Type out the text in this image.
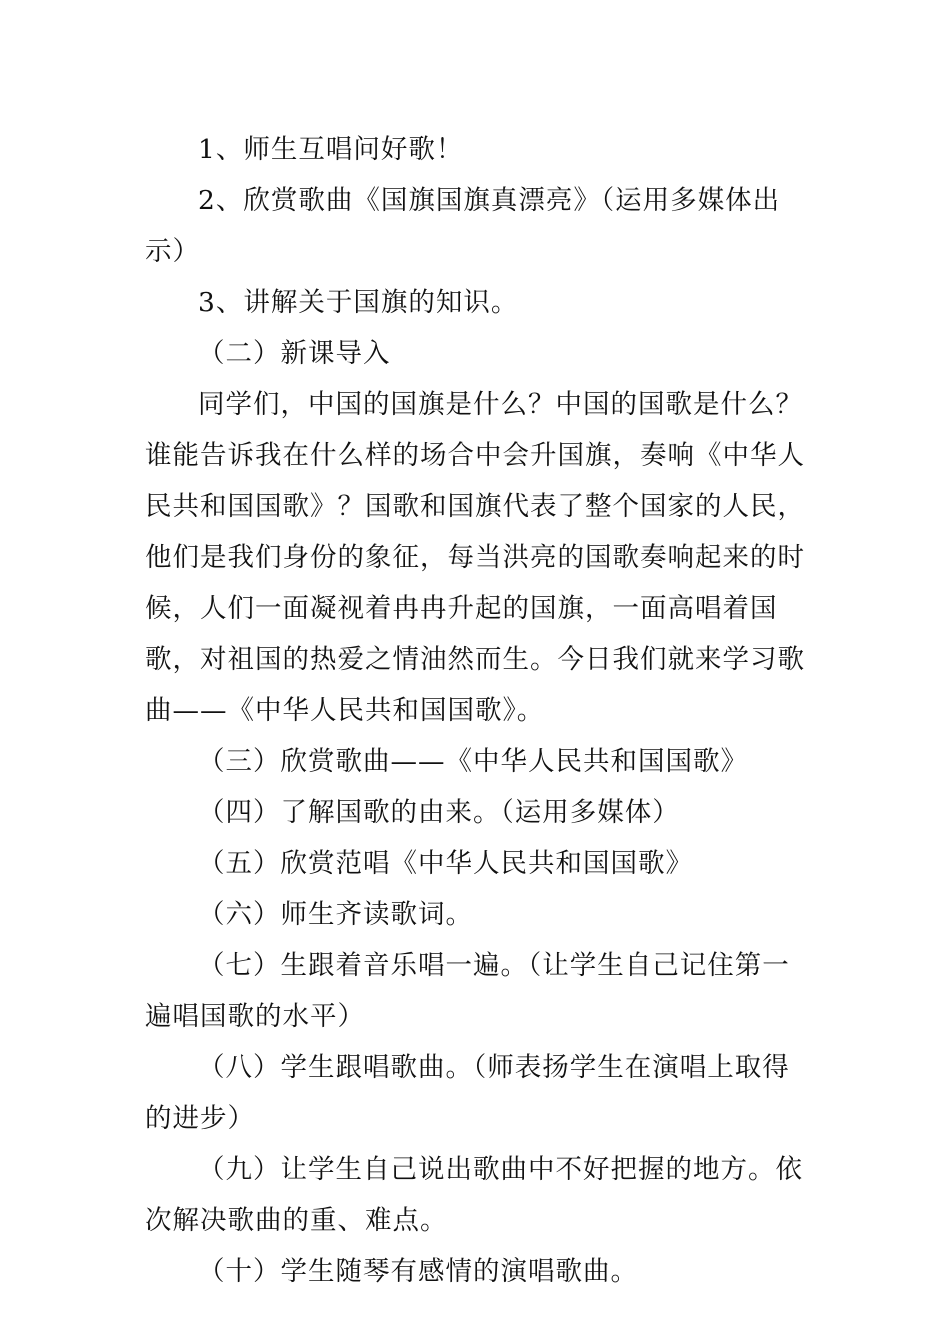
1、师生互唱问好歌！

2、欣赏歌曲《国旗国旗真漂亮》（运用多媒体出示）

3、讲解关于国旗的知识。

（二）新课导入

同学们，中国的国旗是什么？中国的国歌是什么？谁能告诉我在什么样的场合中会升国旗，奏响《中华人民共和国国歌》？国歌和国旗代表了整个国家的人民，他们是我们身份的象征，每当洪亮的国歌奏响起来的时候，人们一面凝视着冉冉升起的国旗，一面高唱着国歌，对祖国的热爱之情油然而生。今日我们就来学习歌曲——《中华人民共和国国歌》。

（三）欣赏歌曲——《中华人民共和国国歌》

（四）了解国歌的由来。（运用多媒体）

（五）欣赏范唱《中华人民共和国国歌》

（六）师生齐读歌词。

（七）生跟着音乐唱一遍。（让学生自己记住第一遍唱国歌的水平）

（八）学生跟唱歌曲。（师表扬学生在演唱上取得的进步）

（九）让学生自己说出歌曲中不好把握的地方。依次解决歌曲的重、难点。

（十）学生随琴有感情的演唱歌曲。
